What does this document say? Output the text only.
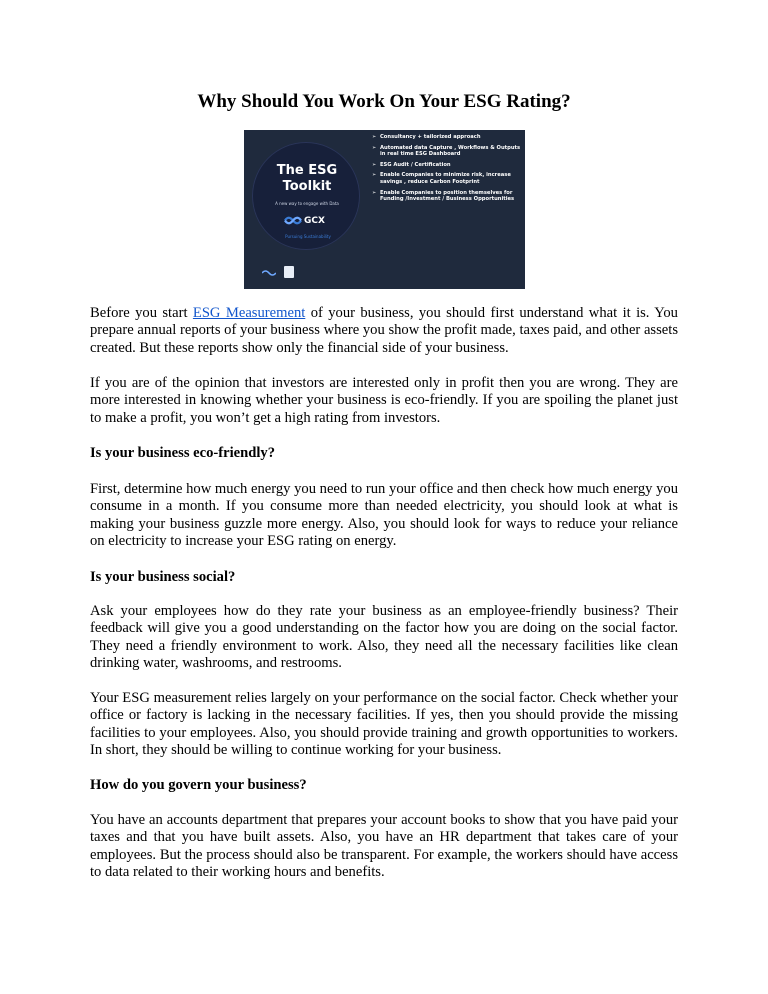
Why Should You Work On Your ESG Rating?
The ESG
Toolkit
A new way to engage with Data
GCX
Pursuing Sustainability
➢ Consultancy + tailorized approach
➢ Automated data Capture , Workflows & Outputs in real time ESG Dashboard
➢ ESG Audit / Certification
➢ Enable Companies to minimize risk, increase savings , reduce Carbon Footprint
➢ Enable Companies to position themselves for Funding /Investment / Business Opportunities

Before you start ESG Measurement of your business, you should first understand what it is. You prepare annual reports of your business where you show the profit made, taxes paid, and other assets created. But these reports show only the financial side of your business.

If you are of the opinion that investors are interested only in profit then you are wrong. They are more interested in knowing whether your business is eco-friendly. If you are spoiling the planet just to make a profit, you won’t get a high rating from investors.

Is your business eco-friendly?

First, determine how much energy you need to run your office and then check how much energy you consume in a month. If you consume more than needed electricity, you should look at what is making your business guzzle more energy. Also, you should look for ways to reduce your reliance on electricity to increase your ESG rating on energy.

Is your business social?

Ask your employees how do they rate your business as an employee-friendly business? Their feedback will give you a good understanding on the factor how you are doing on the social factor. They need a friendly environment to work. Also, they need all the necessary facilities like clean drinking water, washrooms, and restrooms.

Your ESG measurement relies largely on your performance on the social factor. Check whether your office or factory is lacking in the necessary facilities. If yes, then you should provide the missing facilities to your employees. Also, you should provide training and growth opportunities to workers. In short, they should be willing to continue working for your business.

How do you govern your business?

You have an accounts department that prepares your account books to show that you have paid your taxes and that you have built assets. Also, you have an HR department that takes care of your employees. But the process should also be transparent. For example, the workers should have access to data related to their working hours and benefits.
